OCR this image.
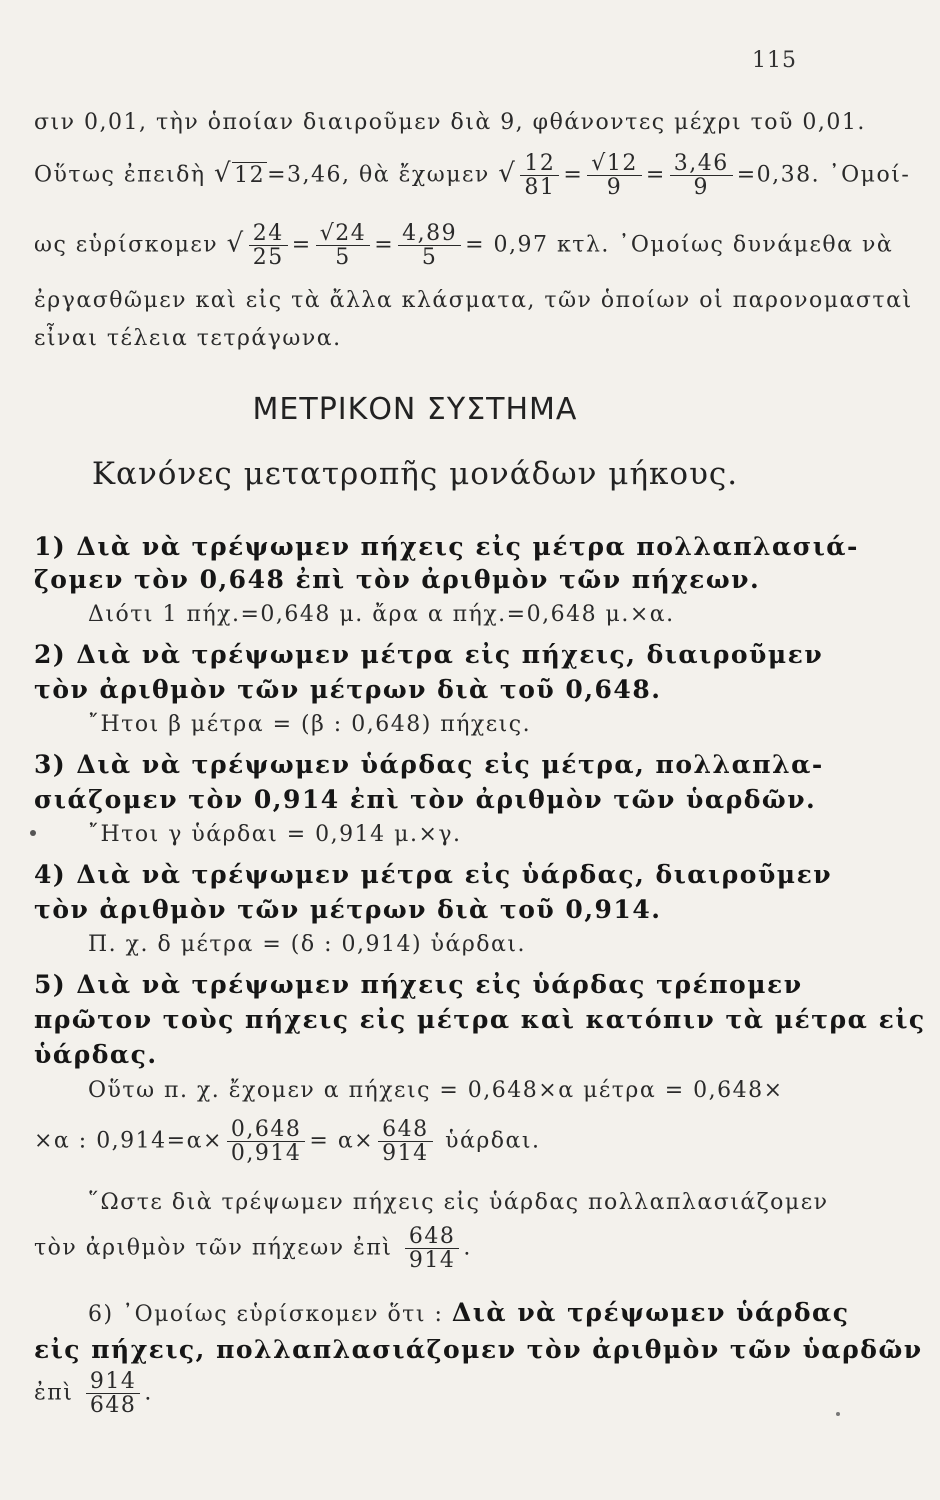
115
σιν 0,01, τὴν ὁποίαν διαιροῦμεν διὰ 9, φθάνοντες μέχρι τοῦ 0,01.
Οὕτως ἐπειδὴ √12=3,46, θὰ ἔχωμεν √ $\frac{12}{81} = \frac{√12}{9} = \frac{3,46}{9} =0,38$. ᾽Ομοί-
ως εὑρίσκομεν √ $\frac{24}{25} = \frac{√24}{5} = \frac{4,89}{5} = 0,97$ κτλ. ᾽Ομοίως δυνάμεθα νὰ
ἐργασθῶμεν καὶ εἰς τὰ ἄλλα κλάσματα, τῶν ὁποίων οἱ παρονομασταὶ
εἶναι τέλεια τετράγωνα.
ΜΕΤΡΙΚΟΝ ΣΥΣΤΗΜΑ
Κανόνες μετατροπῆς μονάδων μήκους.
1) Διὰ νὰ τρέψωμεν πήχεις εἰς μέτρα πολλαπλασιά-
ζομεν τὸν 0,648 ἐπὶ τὸν ἀριθμὸν τῶν πήχεων.
Διότι 1 πήχ.=0,648 μ. ἄρα α πήχ.=0,648 μ.×α.
2) Διὰ νὰ τρέψωμεν μέτρα εἰς πήχεις, διαιροῦμεν
τὸν ἀριθμὸν τῶν μέτρων διὰ τοῦ 0,648.
῎Ητοι β μέτρα = (β : 0,648) πήχεις.
3) Διὰ νὰ τρέψωμεν ὑάρδας εἰς μέτρα, πολλαπλα-
σιάζομεν τὸν 0,914 ἐπὶ τὸν ἀριθμὸν τῶν ὑαρδῶν.
῎Ητοι γ ὑάρδαι = 0,914 μ.×γ.
4) Διὰ νὰ τρέψωμεν μέτρα εἰς ὑάρδας, διαιροῦμεν
τὸν ἀριθμὸν τῶν μέτρων διὰ τοῦ 0,914.
Π. χ. δ μέτρα = (δ : 0,914) ὑάρδαι.
5) Διὰ νὰ τρέψωμεν πήχεις εἰς ὑάρδας τρέπομεν
πρῶτον τοὺς πήχεις εἰς μέτρα καὶ κατόπιν τὰ μέτρα εἰς
ὑάρδας.
Οὕτω π. χ. ἔχομεν α πήχεις = 0,648×α μέτρα = 0,648×
×α : $0,914=\alpha\times \frac{0,648}{0,914} = \alpha\times \frac{648}{914}$ ὑάρδαι.
῞Ωστε διὰ τρέψωμεν πήχεις εἰς ὑάρδας πολλαπλασιάζομεν
τὸν ἀριθμὸν τῶν πήχεων ἐπὶ $\frac{648}{914}$ .
6) ᾽Ομοίως εὑρίσκομεν ὅτι : Διὰ νὰ τρέψωμεν ὑάρδας
εἰς πήχεις, πολλαπλασιάζομεν τὸν ἀριθμὸν τῶν ὑαρδῶν
ἐπὶ $\frac{914}{648}$ .
